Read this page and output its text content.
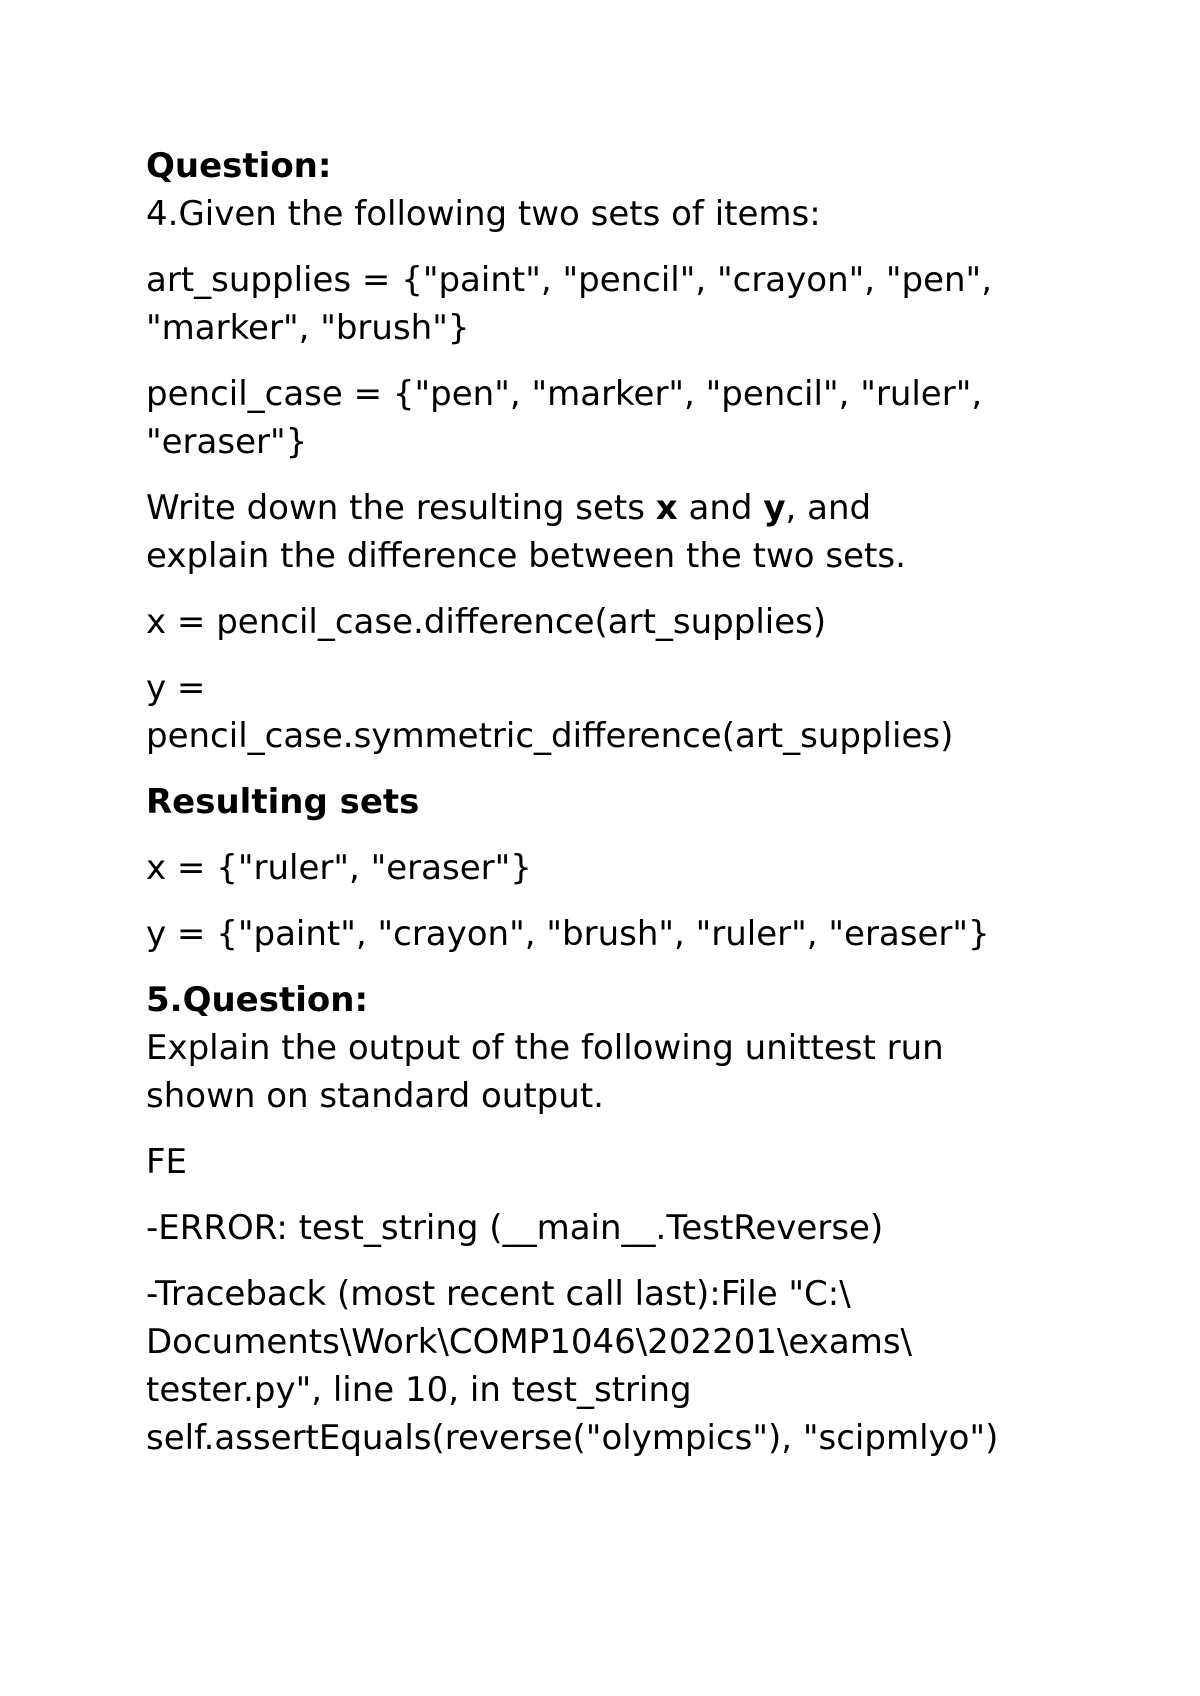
Question:

4.Given the following two sets of items:

art_supplies = {"paint", "pencil", "crayon", "pen",

"marker", "brush"}

pencil_case = {"pen", "marker", "pencil", "ruler",

"eraser"}

Write down the resulting sets x and y, and

explain the difference between the two sets.

x = pencil_case.difference(art_supplies)

y =

pencil_case.symmetric_difference(art_supplies)

Resulting sets

x = {"ruler", "eraser"}

y = {"paint", "crayon", "brush", "ruler", "eraser"}

5.Question:

Explain the output of the following unittest run

shown on standard output.

FE

-ERROR: test_string (__main__.TestReverse)

-Traceback (most recent call last):File "C:\

Documents\Work\COMP1046\202201\exams\

tester.py", line 10, in test_string

self.assertEquals(reverse("olympics"), "scipmlyo")
